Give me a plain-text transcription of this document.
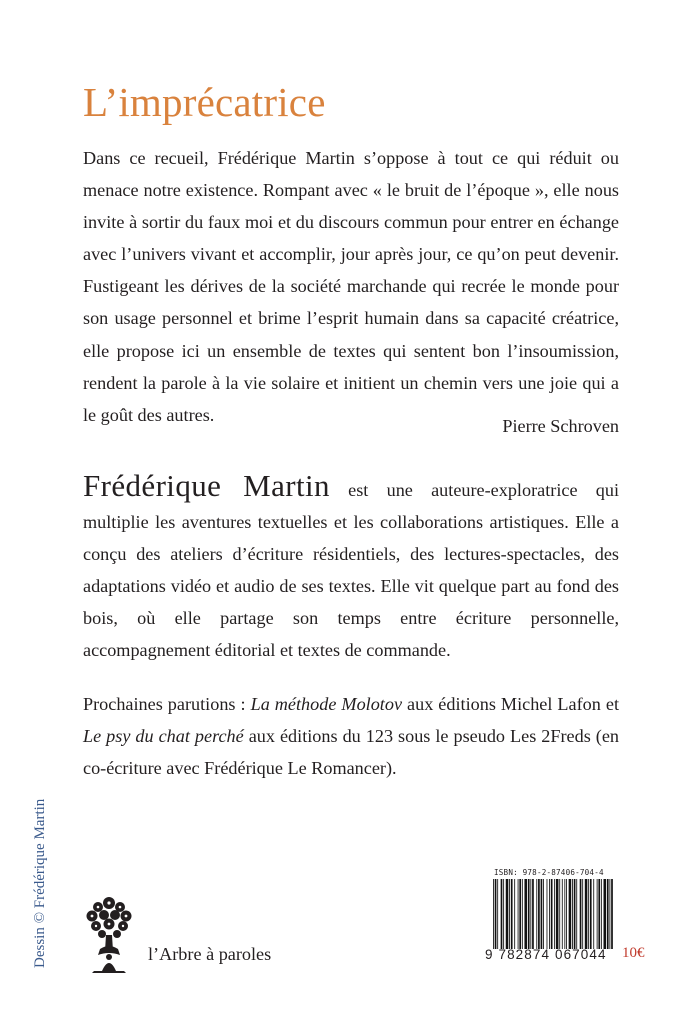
L’imprécatrice
Dans ce recueil, Frédérique Martin s’oppose à tout ce qui réduit ou menace notre existence. Rompant avec « le bruit de l’époque », elle nous invite à sortir du faux moi et du discours commun pour entrer en échange avec l’univers vivant et accomplir, jour après jour, ce qu’on peut devenir. Fustigeant les dérives de la société marchande qui recrée le monde pour son usage personnel et brime l’esprit humain dans sa capacité créatrice, elle propose ici un ensemble de textes qui sentent bon l’insoumission, rendent la parole à la vie solaire et initient un chemin vers une joie qui a le goût des autres.
Pierre Schroven
Frédérique Martin est une auteure-exploratrice qui multiplie les aventures textuelles et les collaborations artistiques. Elle a conçu des ateliers d’écriture résidentiels, des lectures-spectacles, des adaptations vidéo et audio de ses textes. Elle vit quelque part au fond des bois, où elle partage son temps entre écriture personnelle, accompagnement éditorial et textes de commande.
Prochaines parutions : La méthode Molotov aux éditions Michel Lafon et Le psy du chat perché aux éditions du 123 sous le pseudo Les 2Freds (en co-écriture avec Frédérique Le Romancer).
Dessin © Frédérique Martin	l’Arbre à paroles
ISBN: 978-2-87406-704-4
9 782874 067044	10€
